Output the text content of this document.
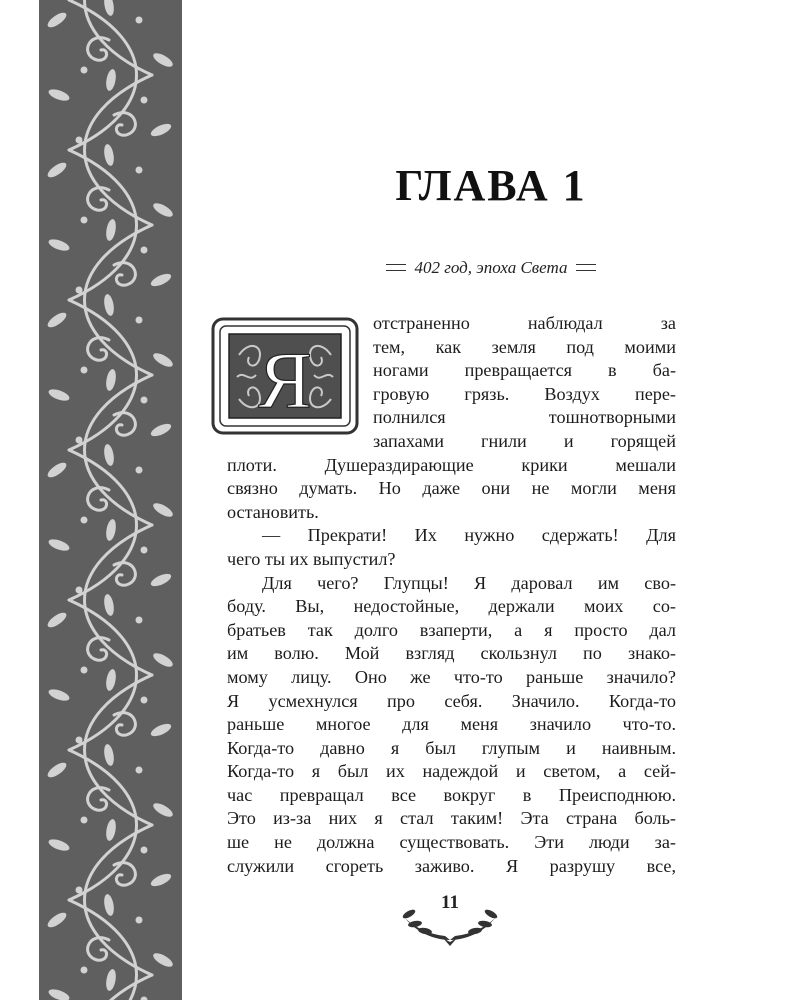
ГЛАВА 1
402 год, эпоха Света
Я

отстраненно наблюдал за

тем, как земля под моими

ногами превращается в ба-

гровую грязь. Воздух пере-

полнился тошнотворными

запахами гнили и горящей

плоти. Душераздирающие крики мешали

связно думать. Но даже они не могли меня

остановить.

— Прекрати! Их нужно сдержать! Для

чего ты их выпустил?

Для чего? Глупцы! Я даровал им сво-

боду. Вы, недостойные, держали моих со-

братьев так долго взаперти, а я просто дал

им волю. Мой взгляд скользнул по знако-

мому лицу. Оно же что-то раньше значило?

Я усмехнулся про себя. Значило. Когда-то

раньше многое для меня значило что-то.

Когда-то давно я был глупым и наивным.

Когда-то я был их надеждой и светом, а сей-

час превращал все вокруг в Преисподнюю.

Это из-за них я стал таким! Эта страна боль-

ше не должна существовать. Эти люди за-

служили сгореть заживо. Я разрушу все,

11
